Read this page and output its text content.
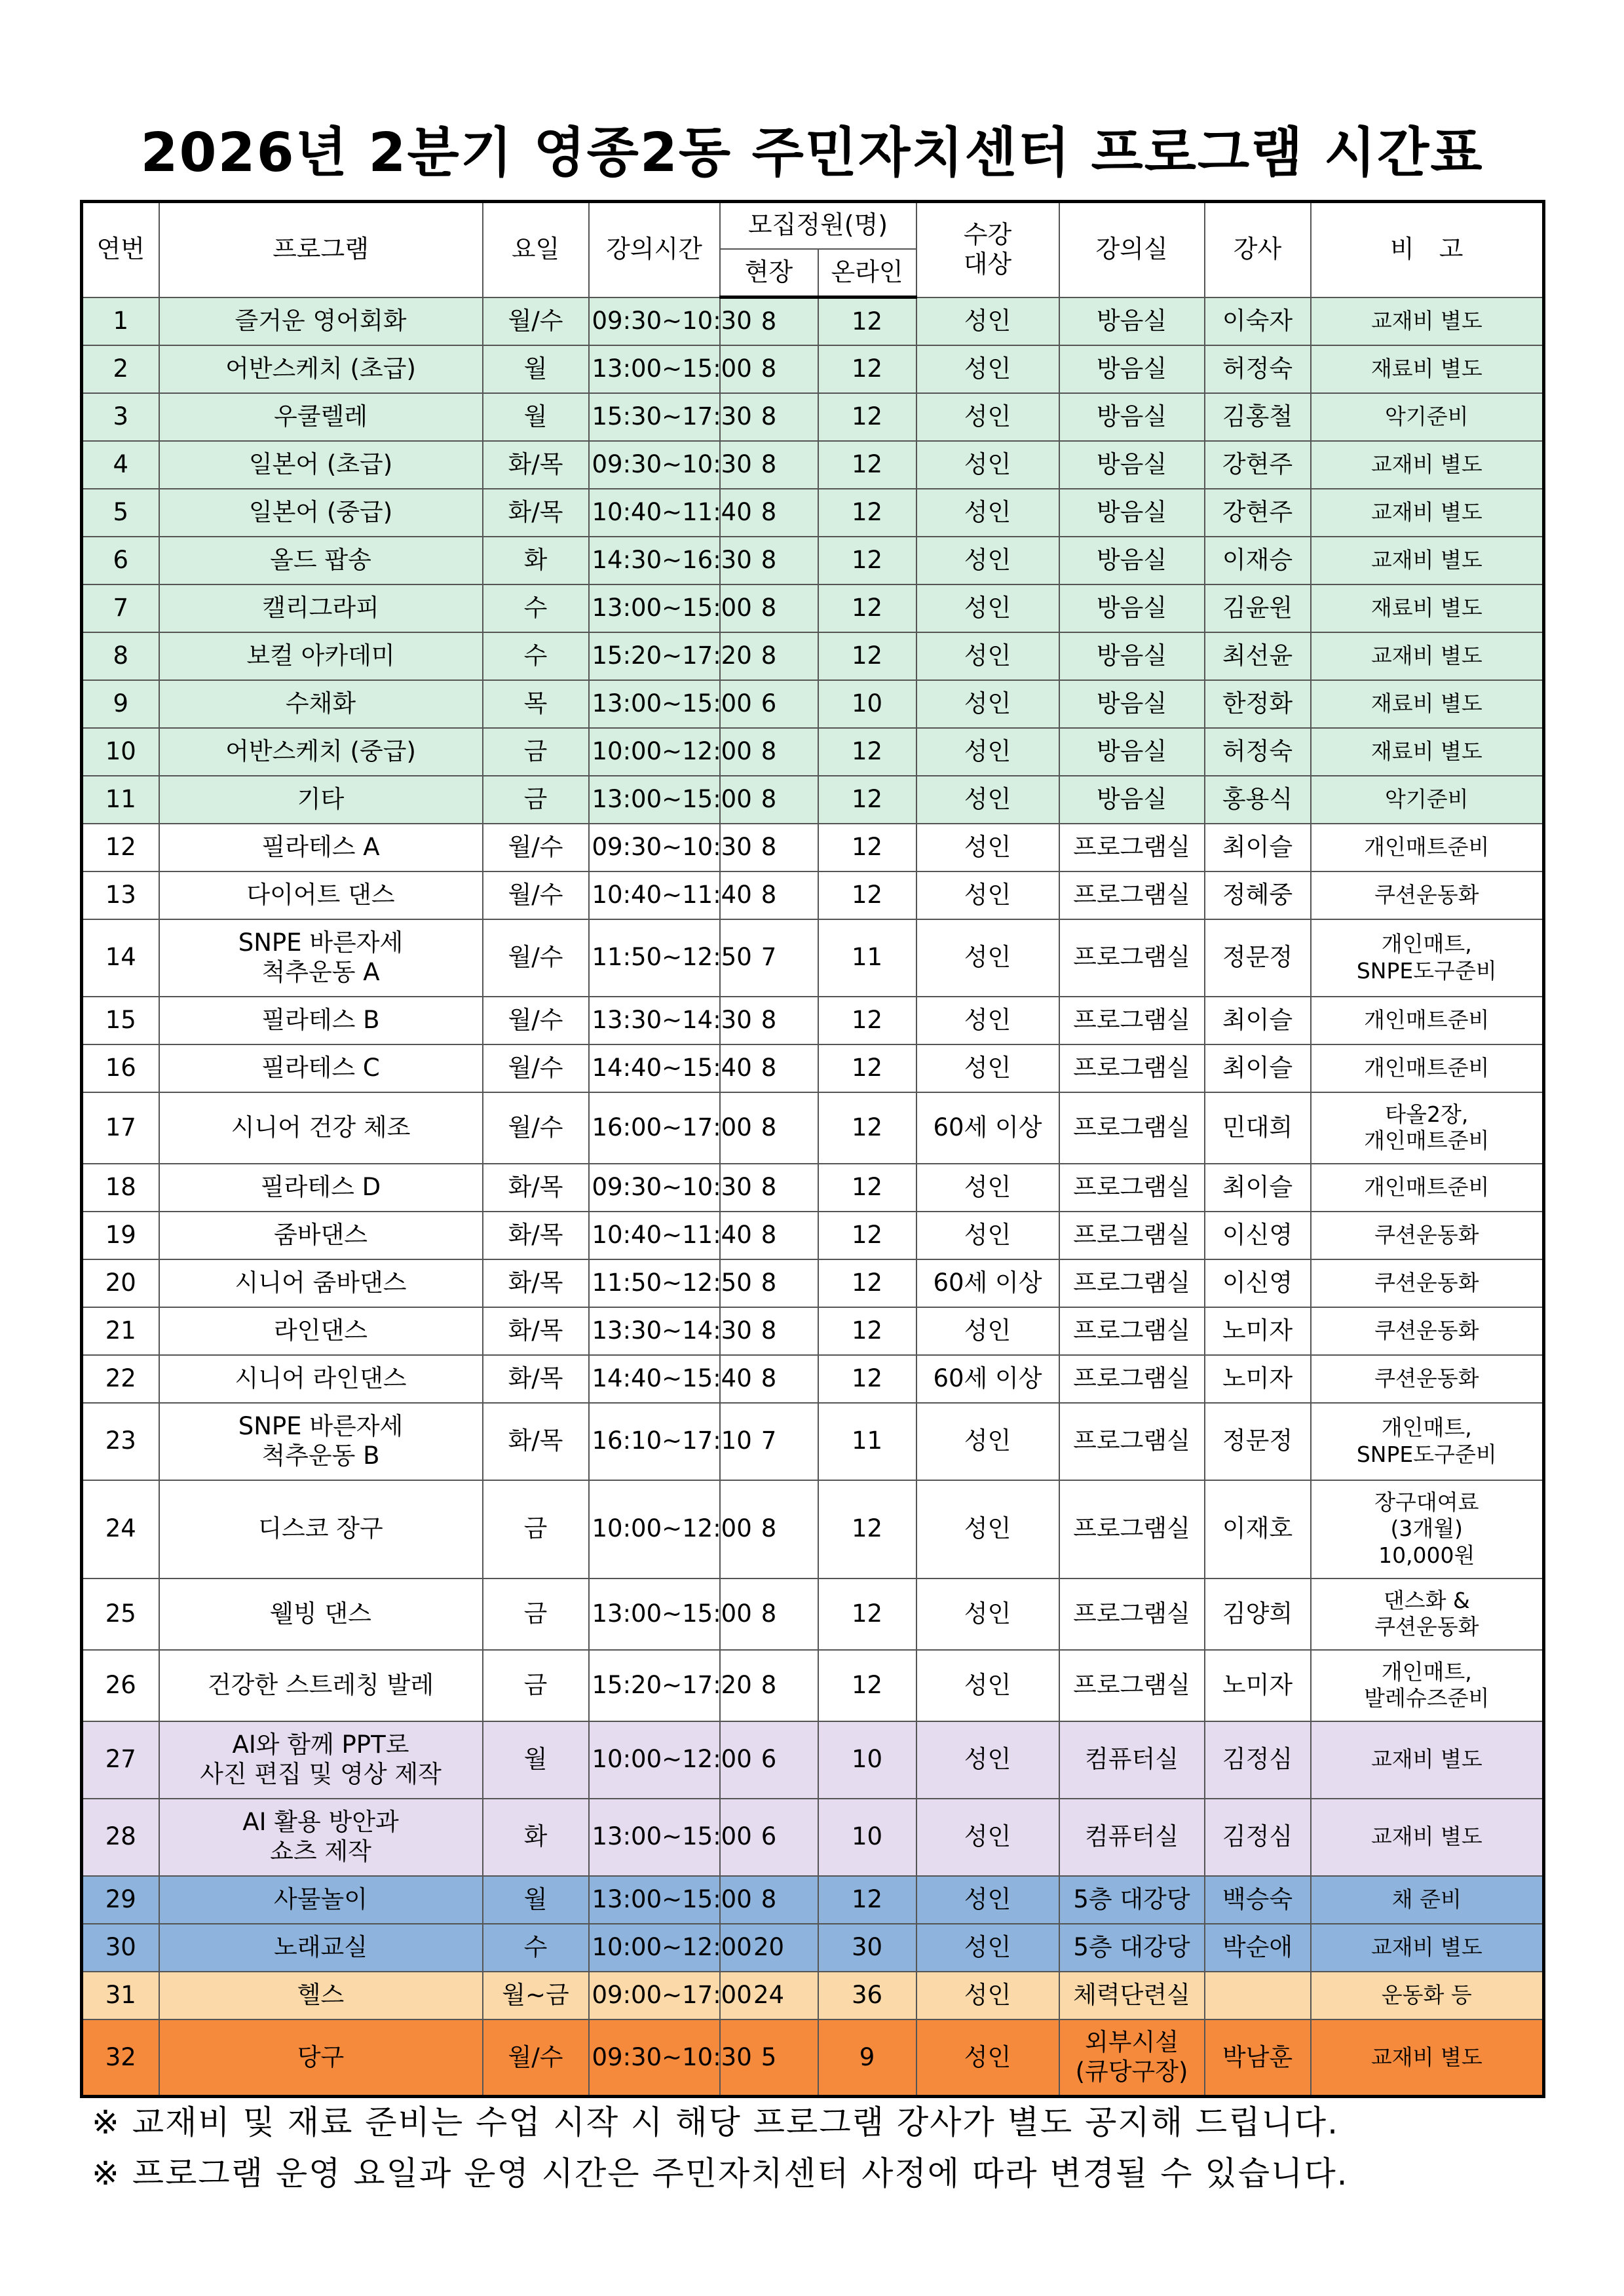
2026년 2분기 영종2동 주민자치센터 프로그램 시간표
연번	프로그램	요일	강의시간	모집정원(명)		수강
대상	강의실	강사	비　고
				현장	온라인				
1	즐거운 영어회화	월/수	09:30~10:30	8	12	성인	방음실	이숙자	교재비 별도
2	어반스케치 (초급)	월	13:00~15:00	8	12	성인	방음실	허정숙	재료비 별도
3	우쿨렐레	월	15:30~17:30	8	12	성인	방음실	김홍철	악기준비
4	일본어 (초급)	화/목	09:30~10:30	8	12	성인	방음실	강현주	교재비 별도
5	일본어 (중급)	화/목	10:40~11:40	8	12	성인	방음실	강현주	교재비 별도
6	올드 팝송	화	14:30~16:30	8	12	성인	방음실	이재승	교재비 별도
7	캘리그라피	수	13:00~15:00	8	12	성인	방음실	김윤원	재료비 별도
8	보컬 아카데미	수	15:20~17:20	8	12	성인	방음실	최선윤	교재비 별도
9	수채화	목	13:00~15:00	6	10	성인	방음실	한정화	재료비 별도
10	어반스케치 (중급)	금	10:00~12:00	8	12	성인	방음실	허정숙	재료비 별도
11	기타	금	13:00~15:00	8	12	성인	방음실	홍용식	악기준비
12	필라테스 A	월/수	09:30~10:30	8	12	성인	프로그램실	최이슬	개인매트준비
13	다이어트 댄스	월/수	10:40~11:40	8	12	성인	프로그램실	정혜중	쿠션운동화
14	SNPE 바른자세
척추운동 A	월/수	11:50~12:50	7	11	성인	프로그램실	정문정	개인매트,
SNPE도구준비
15	필라테스 B	월/수	13:30~14:30	8	12	성인	프로그램실	최이슬	개인매트준비
16	필라테스 C	월/수	14:40~15:40	8	12	성인	프로그램실	최이슬	개인매트준비
17	시니어 건강 체조	월/수	16:00~17:00	8	12	60세 이상	프로그램실	민대희	타올2장,
개인매트준비
18	필라테스 D	화/목	09:30~10:30	8	12	성인	프로그램실	최이슬	개인매트준비
19	줌바댄스	화/목	10:40~11:40	8	12	성인	프로그램실	이신영	쿠션운동화
20	시니어 줌바댄스	화/목	11:50~12:50	8	12	60세 이상	프로그램실	이신영	쿠션운동화
21	라인댄스	화/목	13:30~14:30	8	12	성인	프로그램실	노미자	쿠션운동화
22	시니어 라인댄스	화/목	14:40~15:40	8	12	60세 이상	프로그램실	노미자	쿠션운동화
23	SNPE 바른자세
척추운동 B	화/목	16:10~17:10	7	11	성인	프로그램실	정문정	개인매트,
SNPE도구준비
24	디스코 장구	금	10:00~12:00	8	12	성인	프로그램실	이재호	장구대여료
(3개월)
10,000원
25	웰빙 댄스	금	13:00~15:00	8	12	성인	프로그램실	김양희	댄스화 &
쿠션운동화
26	건강한 스트레칭 발레	금	15:20~17:20	8	12	성인	프로그램실	노미자	개인매트,
발레슈즈준비
27	AI와 함께 PPT로
사진 편집 및 영상 제작	월	10:00~12:00	6	10	성인	컴퓨터실	김정심	교재비 별도
28	AI 활용 방안과
쇼츠 제작	화	13:00~15:00	6	10	성인	컴퓨터실	김정심	교재비 별도
29	사물놀이	월	13:00~15:00	8	12	성인	5층 대강당	백승숙	채 준비
30	노래교실	수	10:00~12:00	20	30	성인	5층 대강당	박순애	교재비 별도
31	헬스	월~금	09:00~17:00	24	36	성인	체력단련실		운동화 등
32	당구	월/수	09:30~10:30	5	9	성인	외부시설
(큐당구장)	박남훈	교재비 별도
※ 교재비 및 재료 준비는 수업 시작 시 해당 프로그램 강사가 별도 공지해 드립니다.
※ 프로그램 운영 요일과 운영 시간은 주민자치센터 사정에 따라 변경될 수 있습니다.
